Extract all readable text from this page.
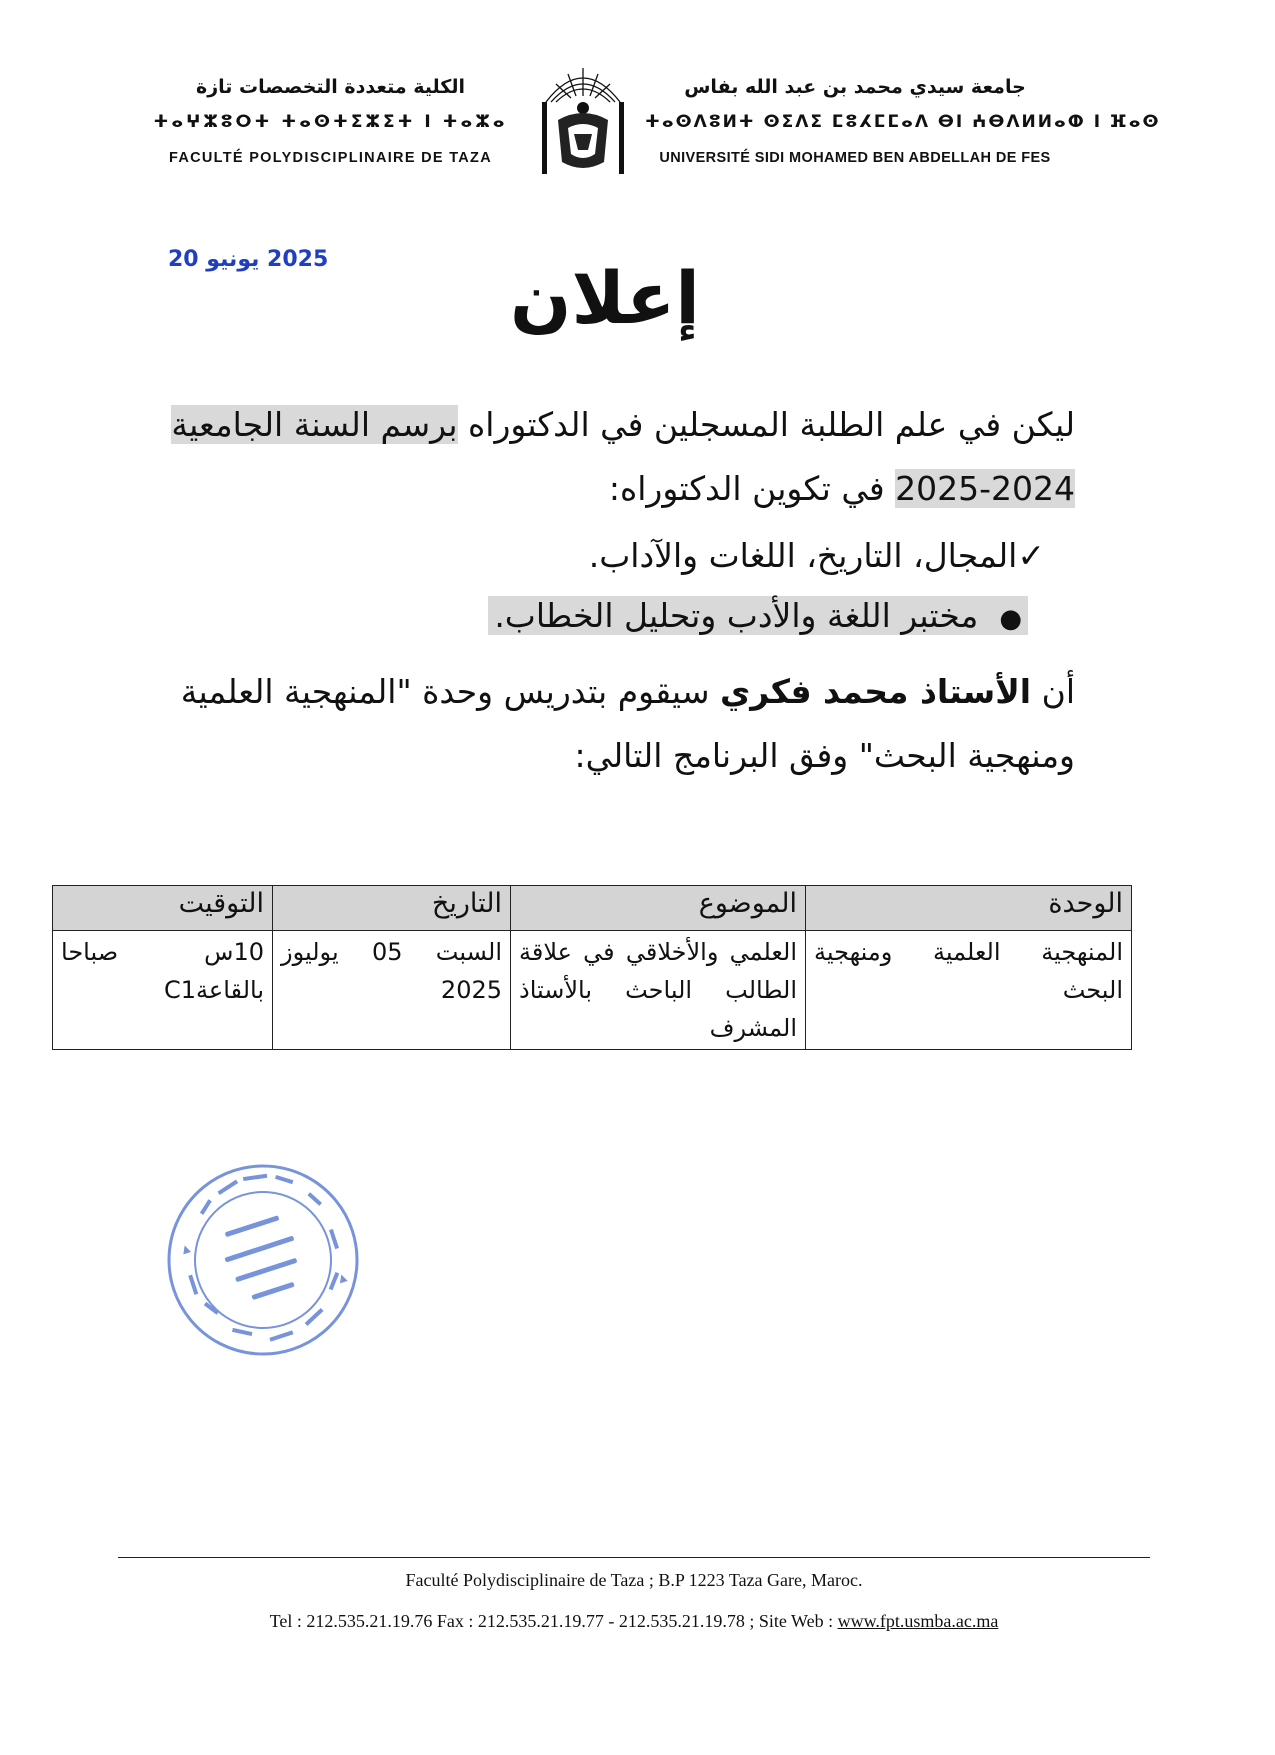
الكلية متعددة التخصصات تازة
ⵜⴰⵖⵣⵓⵔⵜ ⵜⴰⵙⵜⵉⵣⵉⵜ ⵏ ⵜⴰⵣⴰ
FACULTÉ POLYDISCIPLINAIRE DE TAZA
جامعة سيدي محمد بن عبد الله بفاس
ⵜⴰⵙⴷⵓⵍⵜ ⵙⵉⴷⵉ ⵎⵓⵃⵎⵎⴰⴷ ⴱⵏ ⵄⴱⴷⵍⵍⴰⵀ ⵏ ⴼⴰⵙ
UNIVERSITÉ SIDI MOHAMED BEN ABDELLAH DE FES
2025 يونيو 20	إعلان
ليكن في علم الطلبة المسجلين في الدكتوراه برسم السنة الجامعية
2025-2024 في تكوين الدكتوراه:
✓المجال، التاريخ، اللغات والآداب.
●  مختبر اللغة والأدب وتحليل الخطاب.
أن الأستاذ محمد فكري سيقوم بتدريس وحدة "المنهجية العلمية
ومنهجية البحث" وفق البرنامج التالي:
الوحدة	الموضوع	التاريخ	التوقيت
المنهجية العلمية ومنهجية البحث	العلمي والأخلاقي في علاقة الطالب الباحث بالأستاذ المشرف	السبت 05 يوليوز 2025	10س صباحا بالقاعةC1
Faculté Polydisciplinaire de Taza ; B.P 1223 Taza Gare, Maroc.
Tel : 212.535.21.19.76 Fax : 212.535.21.19.77 - 212.535.21.19.78 ; Site Web : www.fpt.usmba.ac.ma
